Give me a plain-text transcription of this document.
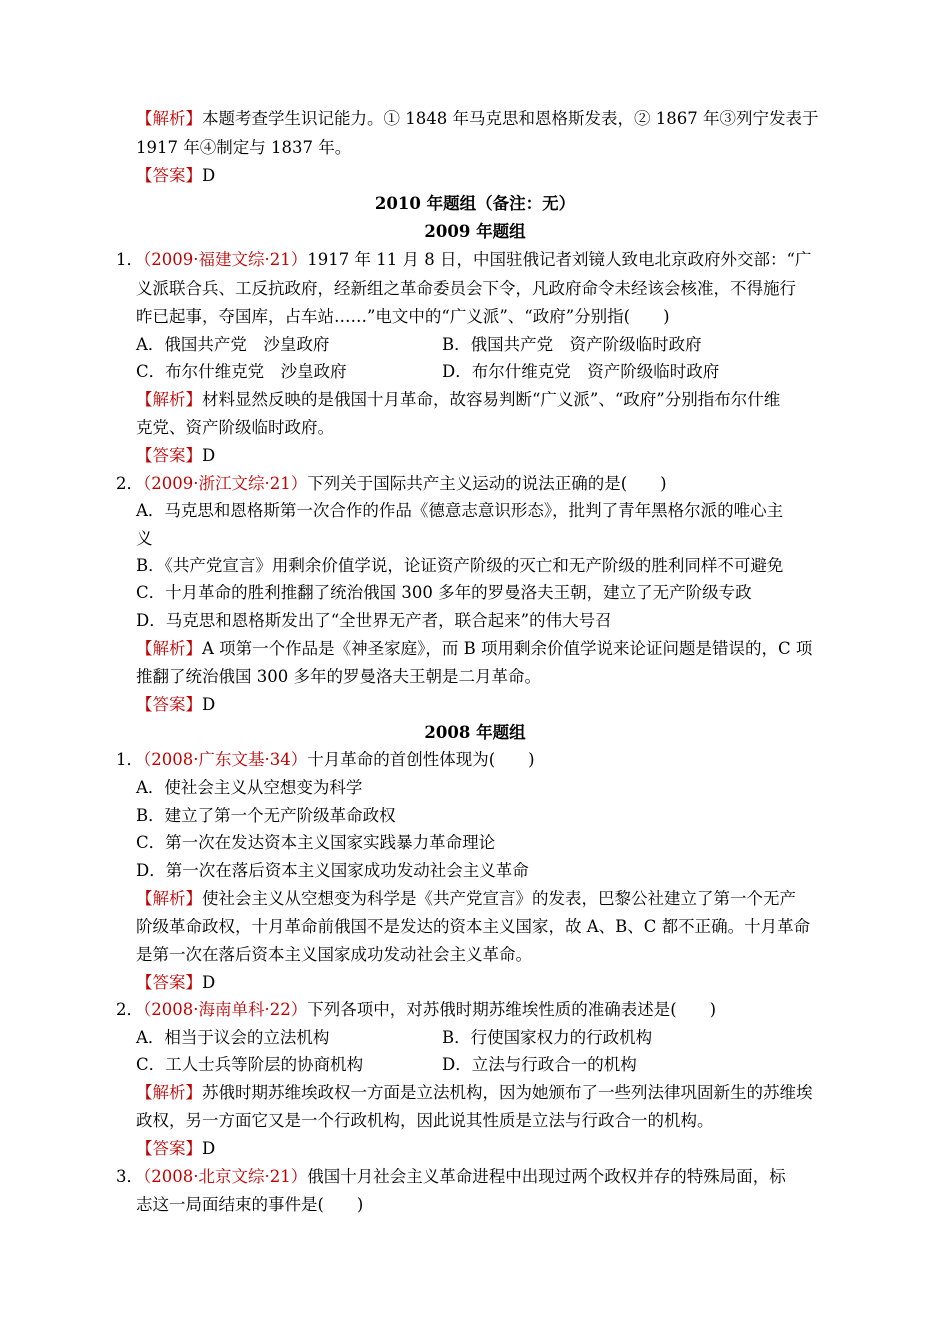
【解析】本题考查学生识记能力。① 1848 年马克思和恩格斯发表，② 1867 年③列宁发表于
1917 年④制定与 1837 年。
【答案】D
2010 年题组（备注：无）
2009 年题组
1．（2009·福建文综·21）1917 年 11 月 8 日，中国驻俄记者刘镜人致电北京政府外交部：“广
义派联合兵、工反抗政府，经新组之革命委员会下令，凡政府命令未经该会核准，不得施行
昨已起事，夺国库，占车站……”电文中的“广义派”、“政府”分别指(　　)
A．俄国共产党　沙皇政府	B．俄国共产党　资产阶级临时政府
C．布尔什维克党　沙皇政府	D．布尔什维克党　资产阶级临时政府
【解析】材料显然反映的是俄国十月革命，故容易判断“广义派”、“政府”分别指布尔什维
克党、资产阶级临时政府。
【答案】D
2．（2009·浙江文综·21）下列关于国际共产主义运动的说法正确的是(　　)
A．马克思和恩格斯第一次合作的作品《德意志意识形态》，批判了青年黑格尔派的唯心主
义
B．《共产党宣言》用剩余价值学说，论证资产阶级的灭亡和无产阶级的胜利同样不可避免
C．十月革命的胜利推翻了统治俄国 300 多年的罗曼洛夫王朝，建立了无产阶级专政
D．马克思和恩格斯发出了“全世界无产者，联合起来”的伟大号召
【解析】A 项第一个作品是《神圣家庭》，而 B 项用剩余价值学说来论证问题是错误的，C 项
推翻了统治俄国 300 多年的罗曼洛夫王朝是二月革命。
【答案】D
2008 年题组
1．（2008·广东文基·34）十月革命的首创性体现为(　　)
A．使社会主义从空想变为科学
B．建立了第一个无产阶级革命政权
C．第一次在发达资本主义国家实践暴力革命理论
D．第一次在落后资本主义国家成功发动社会主义革命
【解析】使社会主义从空想变为科学是《共产党宣言》的发表，巴黎公社建立了第一个无产
阶级革命政权，十月革命前俄国不是发达的资本主义国家，故 A、B、C 都不正确。十月革命
是第一次在落后资本主义国家成功发动社会主义革命。
【答案】D
2．（2008·海南单科·22）下列各项中，对苏俄时期苏维埃性质的准确表述是(　　)
A．相当于议会的立法机构	B．行使国家权力的行政机构
C．工人士兵等阶层的协商机构	D．立法与行政合一的机构
【解析】苏俄时期苏维埃政权一方面是立法机构，因为她颁布了一些列法律巩固新生的苏维埃
政权，另一方面它又是一个行政机构，因此说其性质是立法与行政合一的机构。
【答案】D
3．（2008·北京文综·21）俄国十月社会主义革命进程中出现过两个政权并存的特殊局面，标
志这一局面结束的事件是(　　)
